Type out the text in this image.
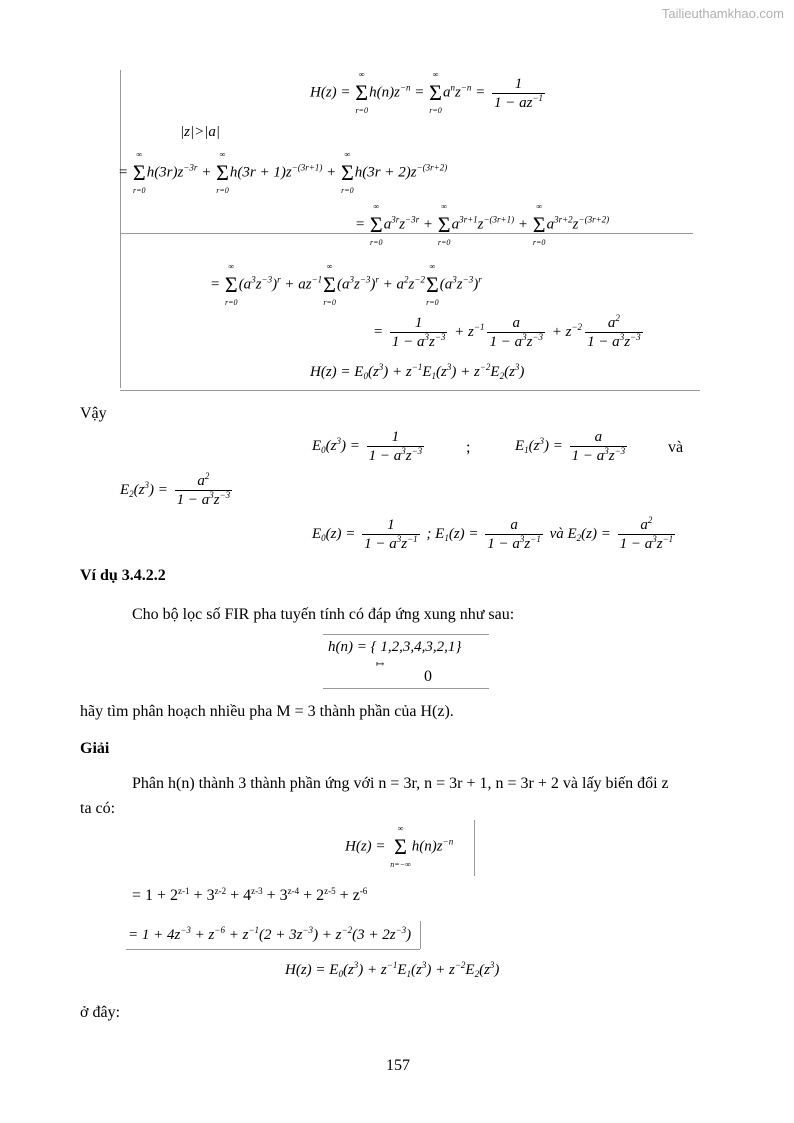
Tailieuthamkhao.com
H(z) =
∞
Σ
r=0
$h(n)z^{-n}$ =
∞
Σ
r=0
$a^nz^{-n} = \frac{1}{1 - az^{-1}}$
|z|>|a|
=
∞
Σ
r=0
$h(3r)z^{-3r}$ +
∞
Σ
r=0
$h(3r + 1)z^{-(3r+1)}$ +
∞
Σ
r=0
$h(3r + 2)z^{-(3r+2)}$
=
∞
Σ
r=0
$a^{3r}z^{-3r}$ +
∞
Σ
r=0
$a^{3r+1}z^{-(3r+1)}$ +
∞
Σ
r=0
$a^{3r+2}z^{-(3r+2)}$
=
∞
Σ
r=0
$(a^3z^{-3})^r + az^{-1}$
∞
Σ
r=0
$(a^3z^{-3})^r + a^2z^{-2}$
∞
Σ
r=0
$(a^3z^{-3})^r$
= $\frac{1}{1 - a^3z^{-3}} + z^{-1} \frac{a}{1 - a^3z^{-3}} + z^{-2} \frac{a^2}{1 - a^3z^{-3}}$
$H(z) = E_0(z^3) + z^{-1}E_1(z^3) + z^{-2}E_2(z^3)$
Vậy
$E_0(z^3) = \frac{1}{1 - a^3z^{-3}}$	;	$E_1(z^3) = \frac{a}{1 - a^3z^{-3}}$	và
$E_2(z^3) = \frac{a^2}{1 - a^3z^{-3}}$
$E_0(z) = \frac{1}{1 - a^3z^{-1}}$ ; $E_1(z) = \frac{a}{1 - a^3z^{-1}}$ và $E_2(z) = \frac{a^2}{1 - a^3z^{-1}}$
Ví dụ 3.4.2.2
Cho bộ lọc số FIR pha tuyến tính có đáp ứng xung như sau:
h(n) = { 1,2,3,4,3,2,1}
↦
0
hãy tìm phân hoạch nhiều pha M = 3 thành phần của H(z).
Giải
Phân h(n) thành 3 thành phần ứng với n = 3r, n = 3r + 1, n = 3r + 2 và lấy biến đổi z
ta có:
H(z) =
∞
Σ
n=−∞
$h(n)z^{-n}$
= $1 + 2^{z-1} + 3^{z-2} + 4^{z-3} + 3^{z-4} + 2^{z-5} + z^{-6}$
= $1 + 4z^{-3} + z^{-6} + z^{-1}(2 + 3z^{-3}) + z^{-2}(3 + 2z^{-3})$
$H(z) = E_0(z^3) + z^{-1}E_1(z^3) + z^{-2}E_2(z^3)$
ở đây:
157
